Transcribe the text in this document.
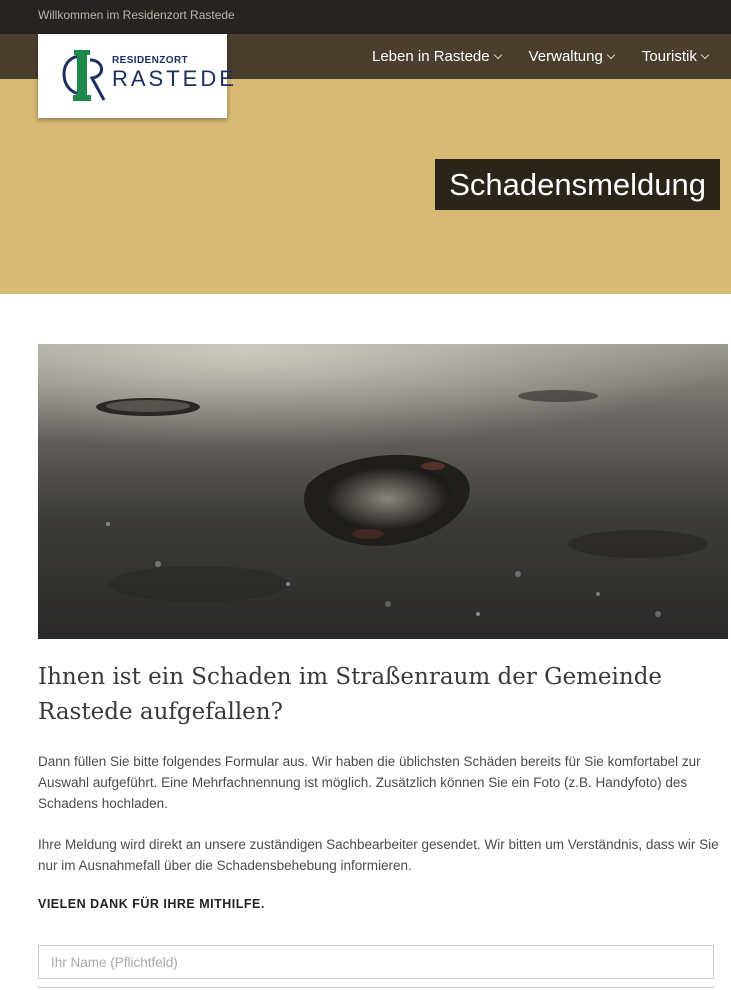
Willkommen im Residenzort Rastede
Leben in Rastede	Verwaltung	Touristik
RESIDENZORT
RASTEDE
Schadensmeldung
Ihnen ist ein Schaden im Straßenraum der Gemeinde Rastede aufgefallen?

Dann füllen Sie bitte folgendes Formular aus. Wir haben die üblichsten Schäden bereits für Sie komfortabel zur Auswahl aufgeführt. Eine Mehrfachnennung ist möglich. Zusätzlich können Sie ein Foto (z.B. Handyfoto) des Schadens hochladen.

Ihre Meldung wird direkt an unsere zuständigen Sachbearbeiter gesendet. Wir bitten um Verständnis, dass wir Sie nur im Ausnahmefall über die Schadensbehebung informieren.

VIELEN DANK FÜR IHRE MITHILFE.

Ihr Name (Pflichtfeld)
